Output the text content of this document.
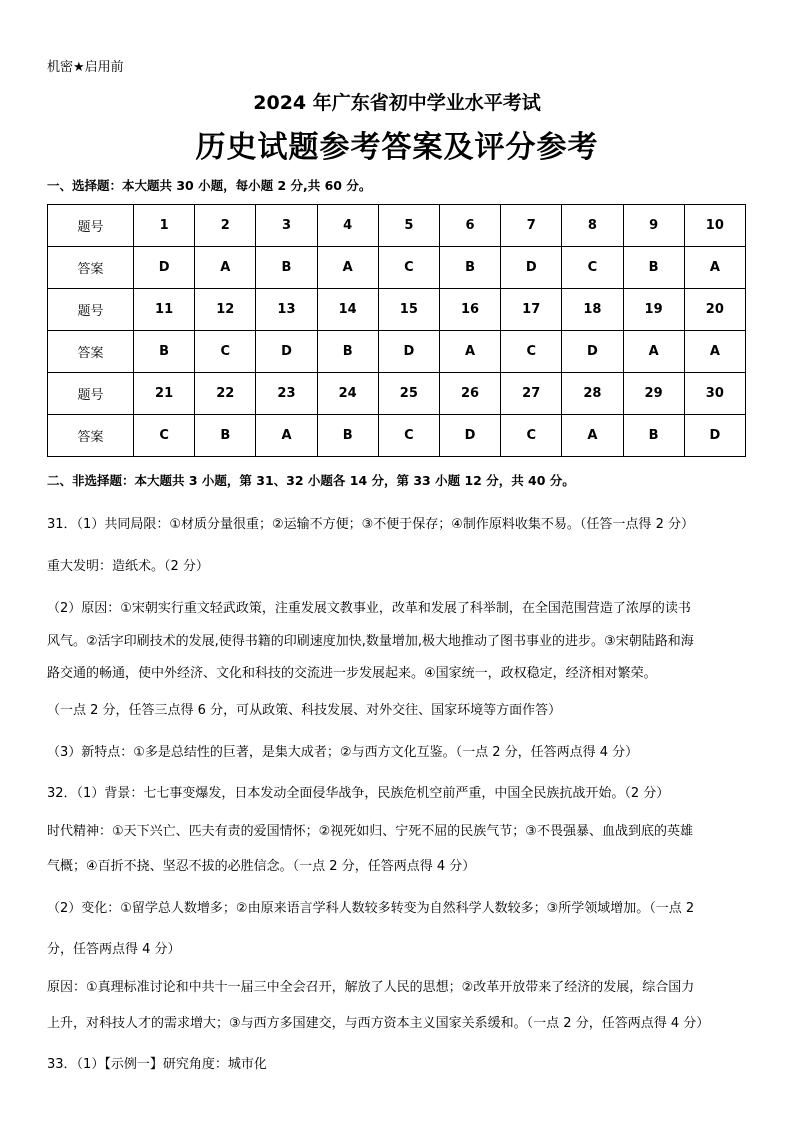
机密★启用前
2024 年广东省初中学业水平考试
历史试题参考答案及评分参考
一、选择题：本大题共 30 小题，每小题 2 分,共 60 分。
题号	1	2	3	4	5	6	7	8	9	10
答案	D	A	B	A	C	B	D	C	B	A
题号	11	12	13	14	15	16	17	18	19	20
答案	B	C	D	B	D	A	C	D	A	A
题号	21	22	23	24	25	26	27	28	29	30
答案	C	B	A	B	C	D	C	A	B	D
二、非选择题：本大题共 3 小题，第 31、32 小题各 14 分，第 33 小题 12 分，共 40 分。
31．（1）共同局限：①材质分量很重；②运输不方便；③不便于保存；④制作原料收集不易。（任答一点得 2 分）
重大发明：造纸术。（2 分）
（2）原因：①宋朝实行重文轻武政策，注重发展文教事业，改革和发展了科举制，在全国范围营造了浓厚的读书
风气。②活字印刷技术的发展,使得书籍的印刷速度加快,数量增加,极大地推动了图书事业的进步。③宋朝陆路和海
路交通的畅通，使中外经济、文化和科技的交流进一步发展起来。④国家统一，政权稳定，经济相对繁荣。
（一点 2 分，任答三点得 6 分，可从政策、科技发展、对外交往、国家环境等方面作答）
（3）新特点：①多是总结性的巨著，是集大成者；②与西方文化互鉴。（一点 2 分，任答两点得 4 分）
32．（1）背景：七七事变爆发，日本发动全面侵华战争，民族危机空前严重，中国全民族抗战开始。（2 分）
时代精神：①天下兴亡、匹夫有责的爱国情怀；②视死如归、宁死不屈的民族气节；③不畏强暴、血战到底的英雄
气概；④百折不挠、坚忍不拔的必胜信念。（一点 2 分，任答两点得 4 分）
（2）变化：①留学总人数增多；②由原来语言学科人数较多转变为自然科学人数较多；③所学领域增加。（一点 2
分，任答两点得 4 分）
原因：①真理标准讨论和中共十一届三中全会召开，解放了人民的思想；②改革开放带来了经济的发展，综合国力
上升，对科技人才的需求增大；③与西方多国建交，与西方资本主义国家关系缓和。（一点 2 分，任答两点得 4 分）
33．（1）【示例一】研究角度：城市化
